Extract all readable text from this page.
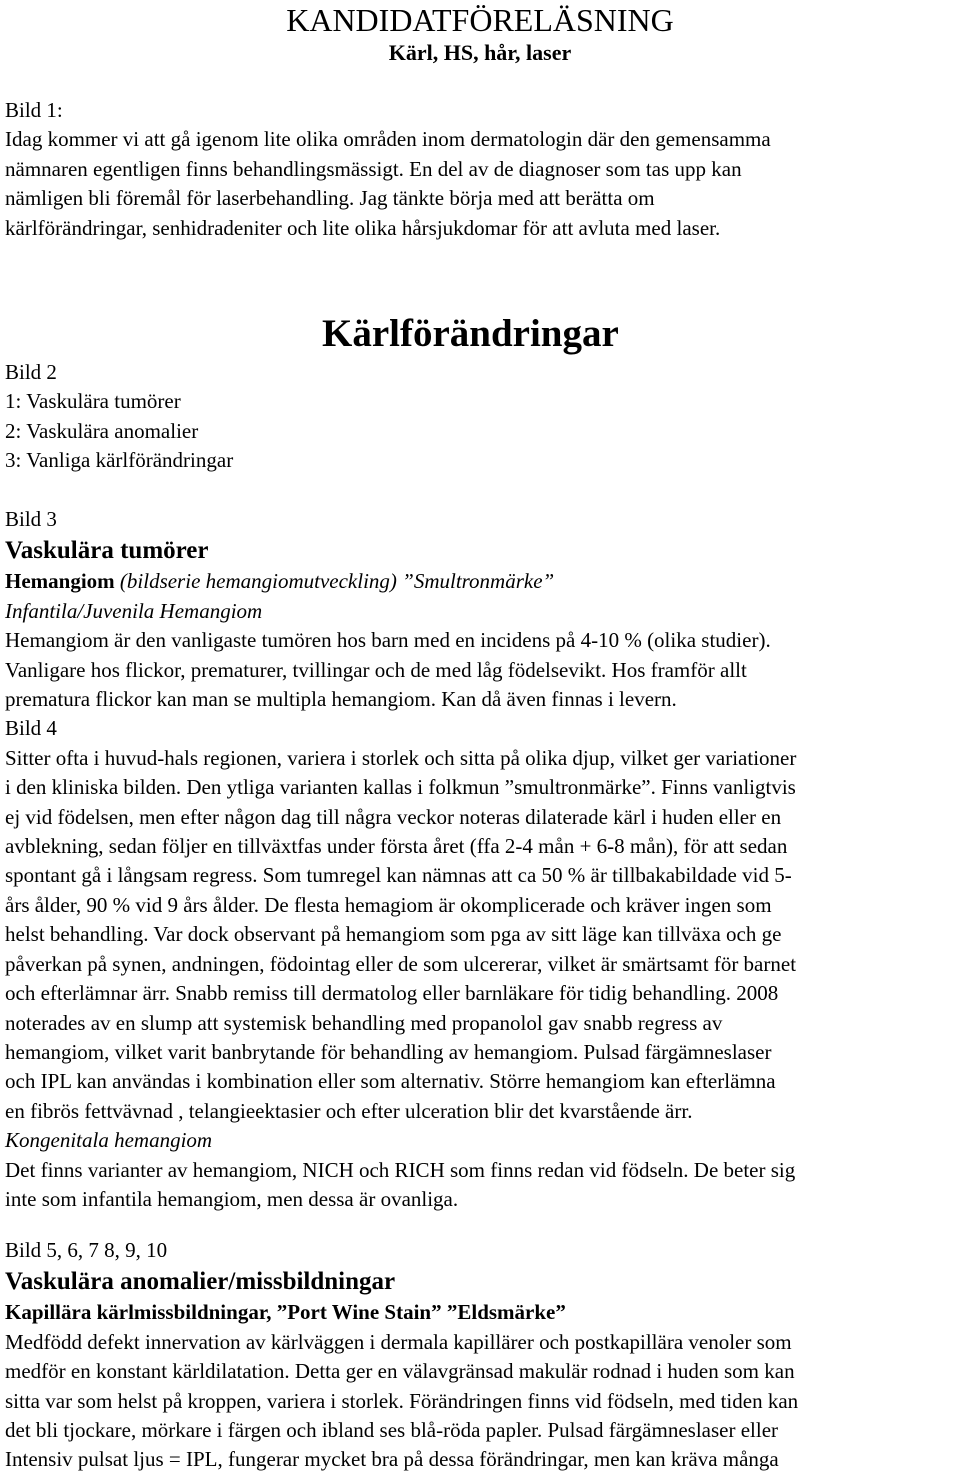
KANDIDATFÖRELÄSNING
Kärl, HS, hår, laser
Bild 1:
Idag kommer vi att gå igenom lite olika områden inom dermatologin där den gemensamma
nämnaren egentligen finns behandlingsmässigt. En del av de diagnoser som tas upp kan
nämligen bli föremål för laserbehandling. Jag tänkte börja med att berätta om
kärlförändringar, senhidradeniter och lite olika hårsjukdomar för att avluta med laser.
Kärlförändringar
Bild 2
1: Vaskulära tumörer
2: Vaskulära anomalier
3: Vanliga kärlförändringar
Bild 3
Vaskulära tumörer
Hemangiom (bildserie hemangiomutveckling) ”Smultronmärke”
Infantila/Juvenila Hemangiom
Hemangiom är den vanligaste tumören hos barn med en incidens på 4-10 % (olika studier).
Vanligare hos flickor, prematurer, tvillingar och de med låg födelsevikt. Hos framför allt
prematura flickor kan man se multipla hemangiom. Kan då även finnas i levern.
Bild 4
Sitter ofta i huvud-hals regionen, variera i storlek och sitta på olika djup, vilket ger variationer
i den kliniska bilden. Den ytliga varianten kallas i folkmun ”smultronmärke”. Finns vanligtvis
ej vid födelsen, men efter någon dag till några veckor noteras dilaterade kärl i huden eller en
avblekning, sedan följer en tillväxtfas under första året (ffa 2-4 mån + 6-8 mån), för att sedan
spontant gå i långsam regress. Som tumregel kan nämnas att ca 50 % är tillbakabildade vid 5-
års ålder, 90 % vid 9 års ålder. De flesta hemagiom är okomplicerade och kräver ingen som
helst behandling. Var dock observant på hemangiom som pga av sitt läge kan tillväxa och ge
påverkan på synen, andningen, födointag eller de som ulcererar, vilket är smärtsamt för barnet
och efterlämnar ärr. Snabb remiss till dermatolog eller barnläkare för tidig behandling. 2008
noterades av en slump att systemisk behandling med propanolol gav snabb regress av
hemangiom, vilket varit banbrytande för behandling av hemangiom. Pulsad färgämneslaser
och IPL kan användas i kombination eller som alternativ. Större hemangiom kan efterlämna
en fibrös fettvävnad , telangieektasier och efter ulceration blir det kvarstående ärr.
Kongenitala hemangiom
Det finns varianter av hemangiom, NICH och RICH som finns redan vid födseln. De beter sig
inte som infantila hemangiom, men dessa är ovanliga.
Bild 5, 6, 7 8, 9, 10
Vaskulära anomalier/missbildningar
Kapillära kärlmissbildningar, ”Port Wine Stain” ”Eldsmärke”
Medfödd defekt innervation av kärlväggen i dermala kapillärer och postkapillära venoler som
medför en konstant kärldilatation. Detta ger en välavgränsad makulär rodnad i huden som kan
sitta var som helst på kroppen, variera i storlek. Förändringen finns vid födseln, med tiden kan
det bli tjockare, mörkare i färgen och ibland ses blå-röda papler. Pulsad färgämneslaser eller
Intensiv pulsat ljus = IPL, fungerar mycket bra på dessa förändringar, men kan kräva många
